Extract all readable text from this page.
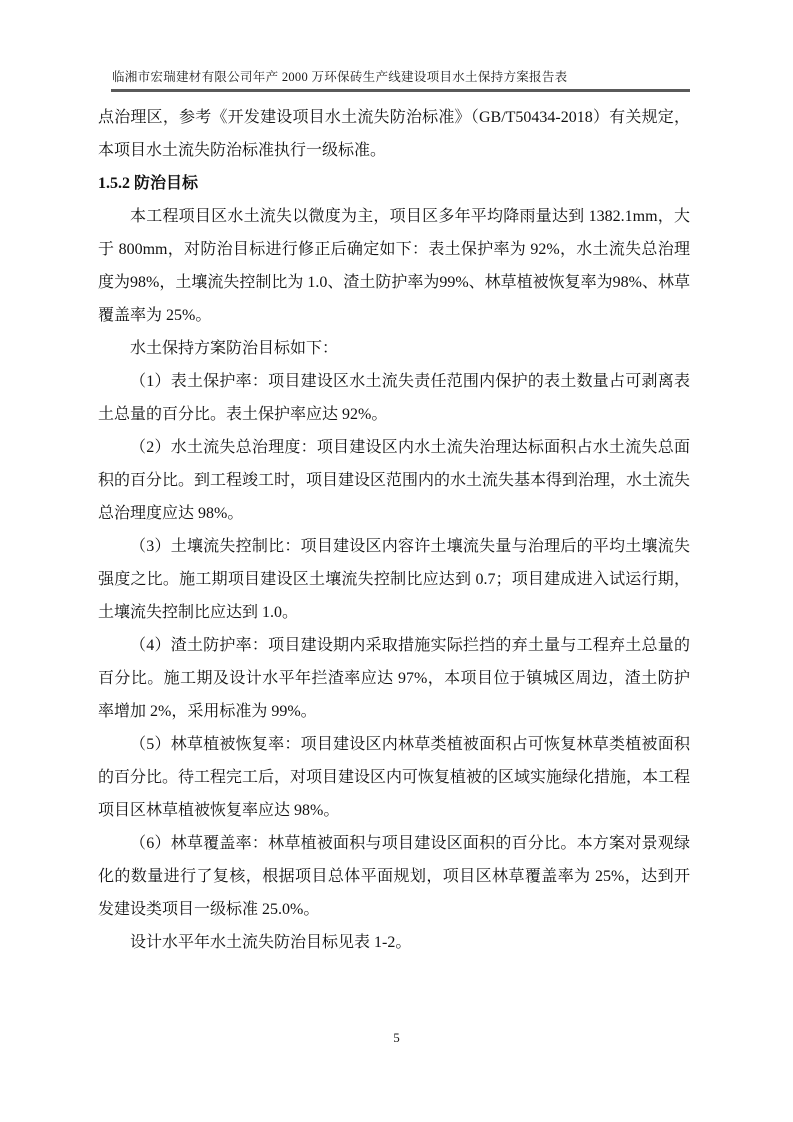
临湘市宏瑞建材有限公司年产 2000 万环保砖生产线建设项目水土保持方案报告表

点治理区，参考《开发建设项目水土流失防治标准》（GB/T50434-2018）有关规定，本项目水土流失防治标准执行一级标准。

1.5.2 防治目标

本工程项目区水土流失以微度为主，项目区多年平均降雨量达到 1382.1mm，大于 800mm，对防治目标进行修正后确定如下：表土保护率为 92%，水土流失总治理度为98%，土壤流失控制比为 1.0、渣土防护率为99%、林草植被恢复率为98%、林草覆盖率为 25%。

水土保持方案防治目标如下：

（1）表土保护率：项目建设区水土流失责任范围内保护的表土数量占可剥离表土总量的百分比。表土保护率应达 92%。

（2）水土流失总治理度：项目建设区内水土流失治理达标面积占水土流失总面积的百分比。到工程竣工时，项目建设区范围内的水土流失基本得到治理，水土流失总治理度应达 98%。

（3）土壤流失控制比：项目建设区内容许土壤流失量与治理后的平均土壤流失强度之比。施工期项目建设区土壤流失控制比应达到 0.7；项目建成进入试运行期，土壤流失控制比应达到 1.0。

（4）渣土防护率：项目建设期内采取措施实际拦挡的弃土量与工程弃土总量的百分比。施工期及设计水平年拦渣率应达 97%，本项目位于镇城区周边，渣土防护率增加 2%，采用标准为 99%。

（5）林草植被恢复率：项目建设区内林草类植被面积占可恢复林草类植被面积的百分比。待工程完工后，对项目建设区内可恢复植被的区域实施绿化措施，本工程项目区林草植被恢复率应达 98%。

（6）林草覆盖率：林草植被面积与项目建设区面积的百分比。本方案对景观绿化的数量进行了复核，根据项目总体平面规划，项目区林草覆盖率为 25%，达到开发建设类项目一级标准 25.0%。

设计水平年水土流失防治目标见表 1-2。

5
